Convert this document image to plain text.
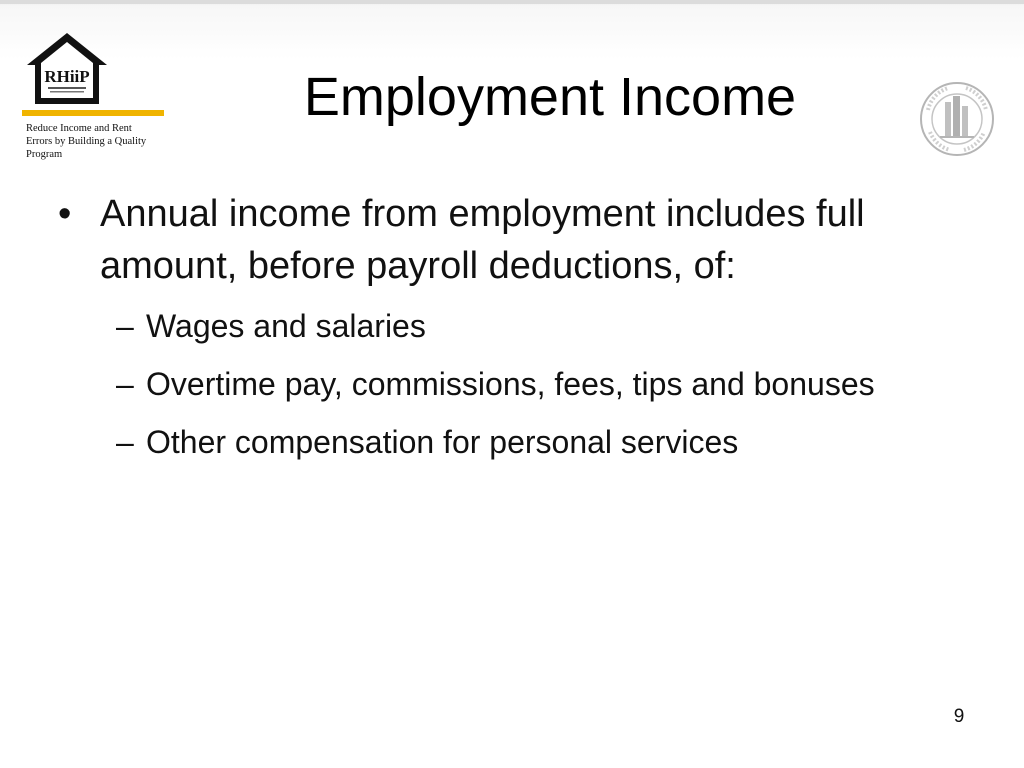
RHiiP
Reduce Income and Rent
Errors by Building a Quality
Program
Employment Income
• Annual income from employment includes full amount, before payroll deductions, of:
– Wages and salaries
– Overtime pay, commissions, fees, tips and bonuses
– Other compensation for personal services
9
